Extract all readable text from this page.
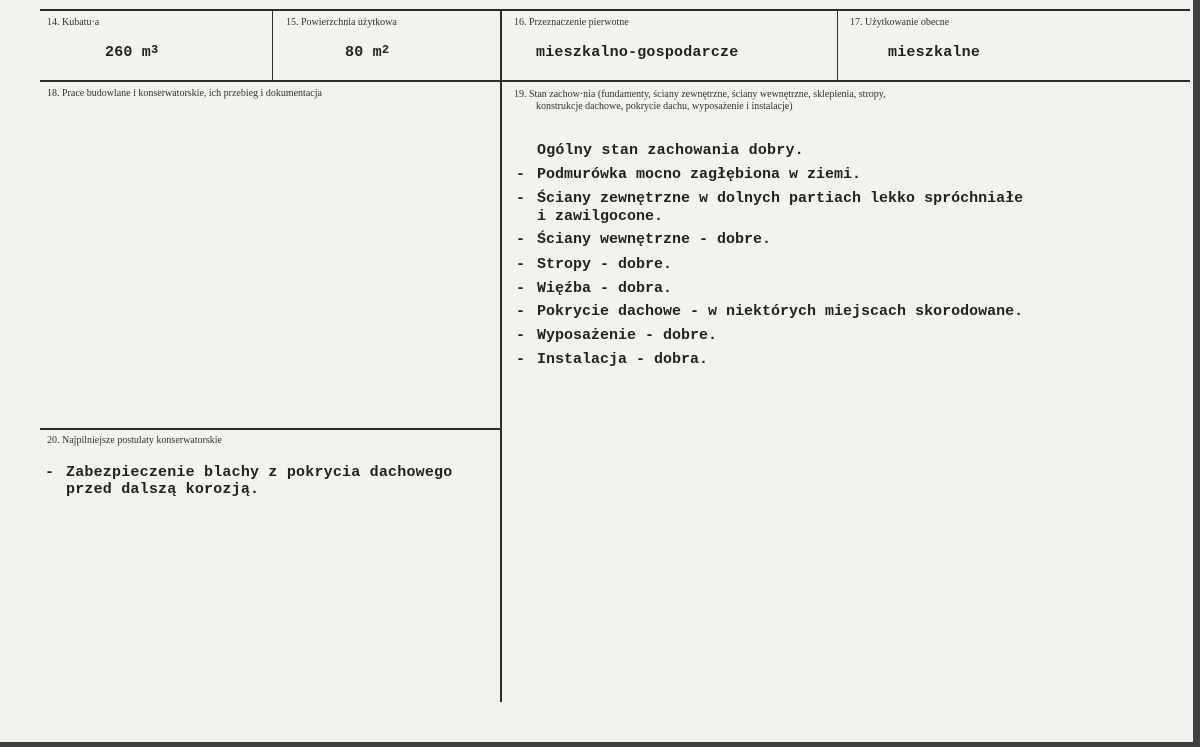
14. Kubatu·a
260 $m^3$
15. Powierzchnia użytkowa
80 $m^2$
16. Przeznaczenie pierwotne
mieszkalno-gospodarcze
17. Użytkowanie obecne
mieszkalne
18. Prace budowlane i konserwatorskie, ich przebieg i dokumentacja	19. Stan zachow·nia (fundamenty, ściany zewnętrzne, ściany wewnętrzne, sklepienia, stropy,
konstrukcje dachowe, pokrycie dachu, wyposażenie i instalacje)
Ogólny stan zachowania dobry.
- Podmurówka mocno zagłębiona w ziemi.
- Ściany zewnętrzne w dolnych partiach lekko spróchniałe
i zawilgocone.
- Ściany wewnętrzne - dobre.
- Stropy - dobre.
- Więźba - dobra.
- Pokrycie dachowe - w niektórych miejscach skorodowane.
- Wyposażenie - dobre.
- Instalacja - dobra.
20. Najpilniejsze postulaty konserwatorskie
- Zabezpieczenie blachy z pokrycia dachowego
przed dalszą korozją.
